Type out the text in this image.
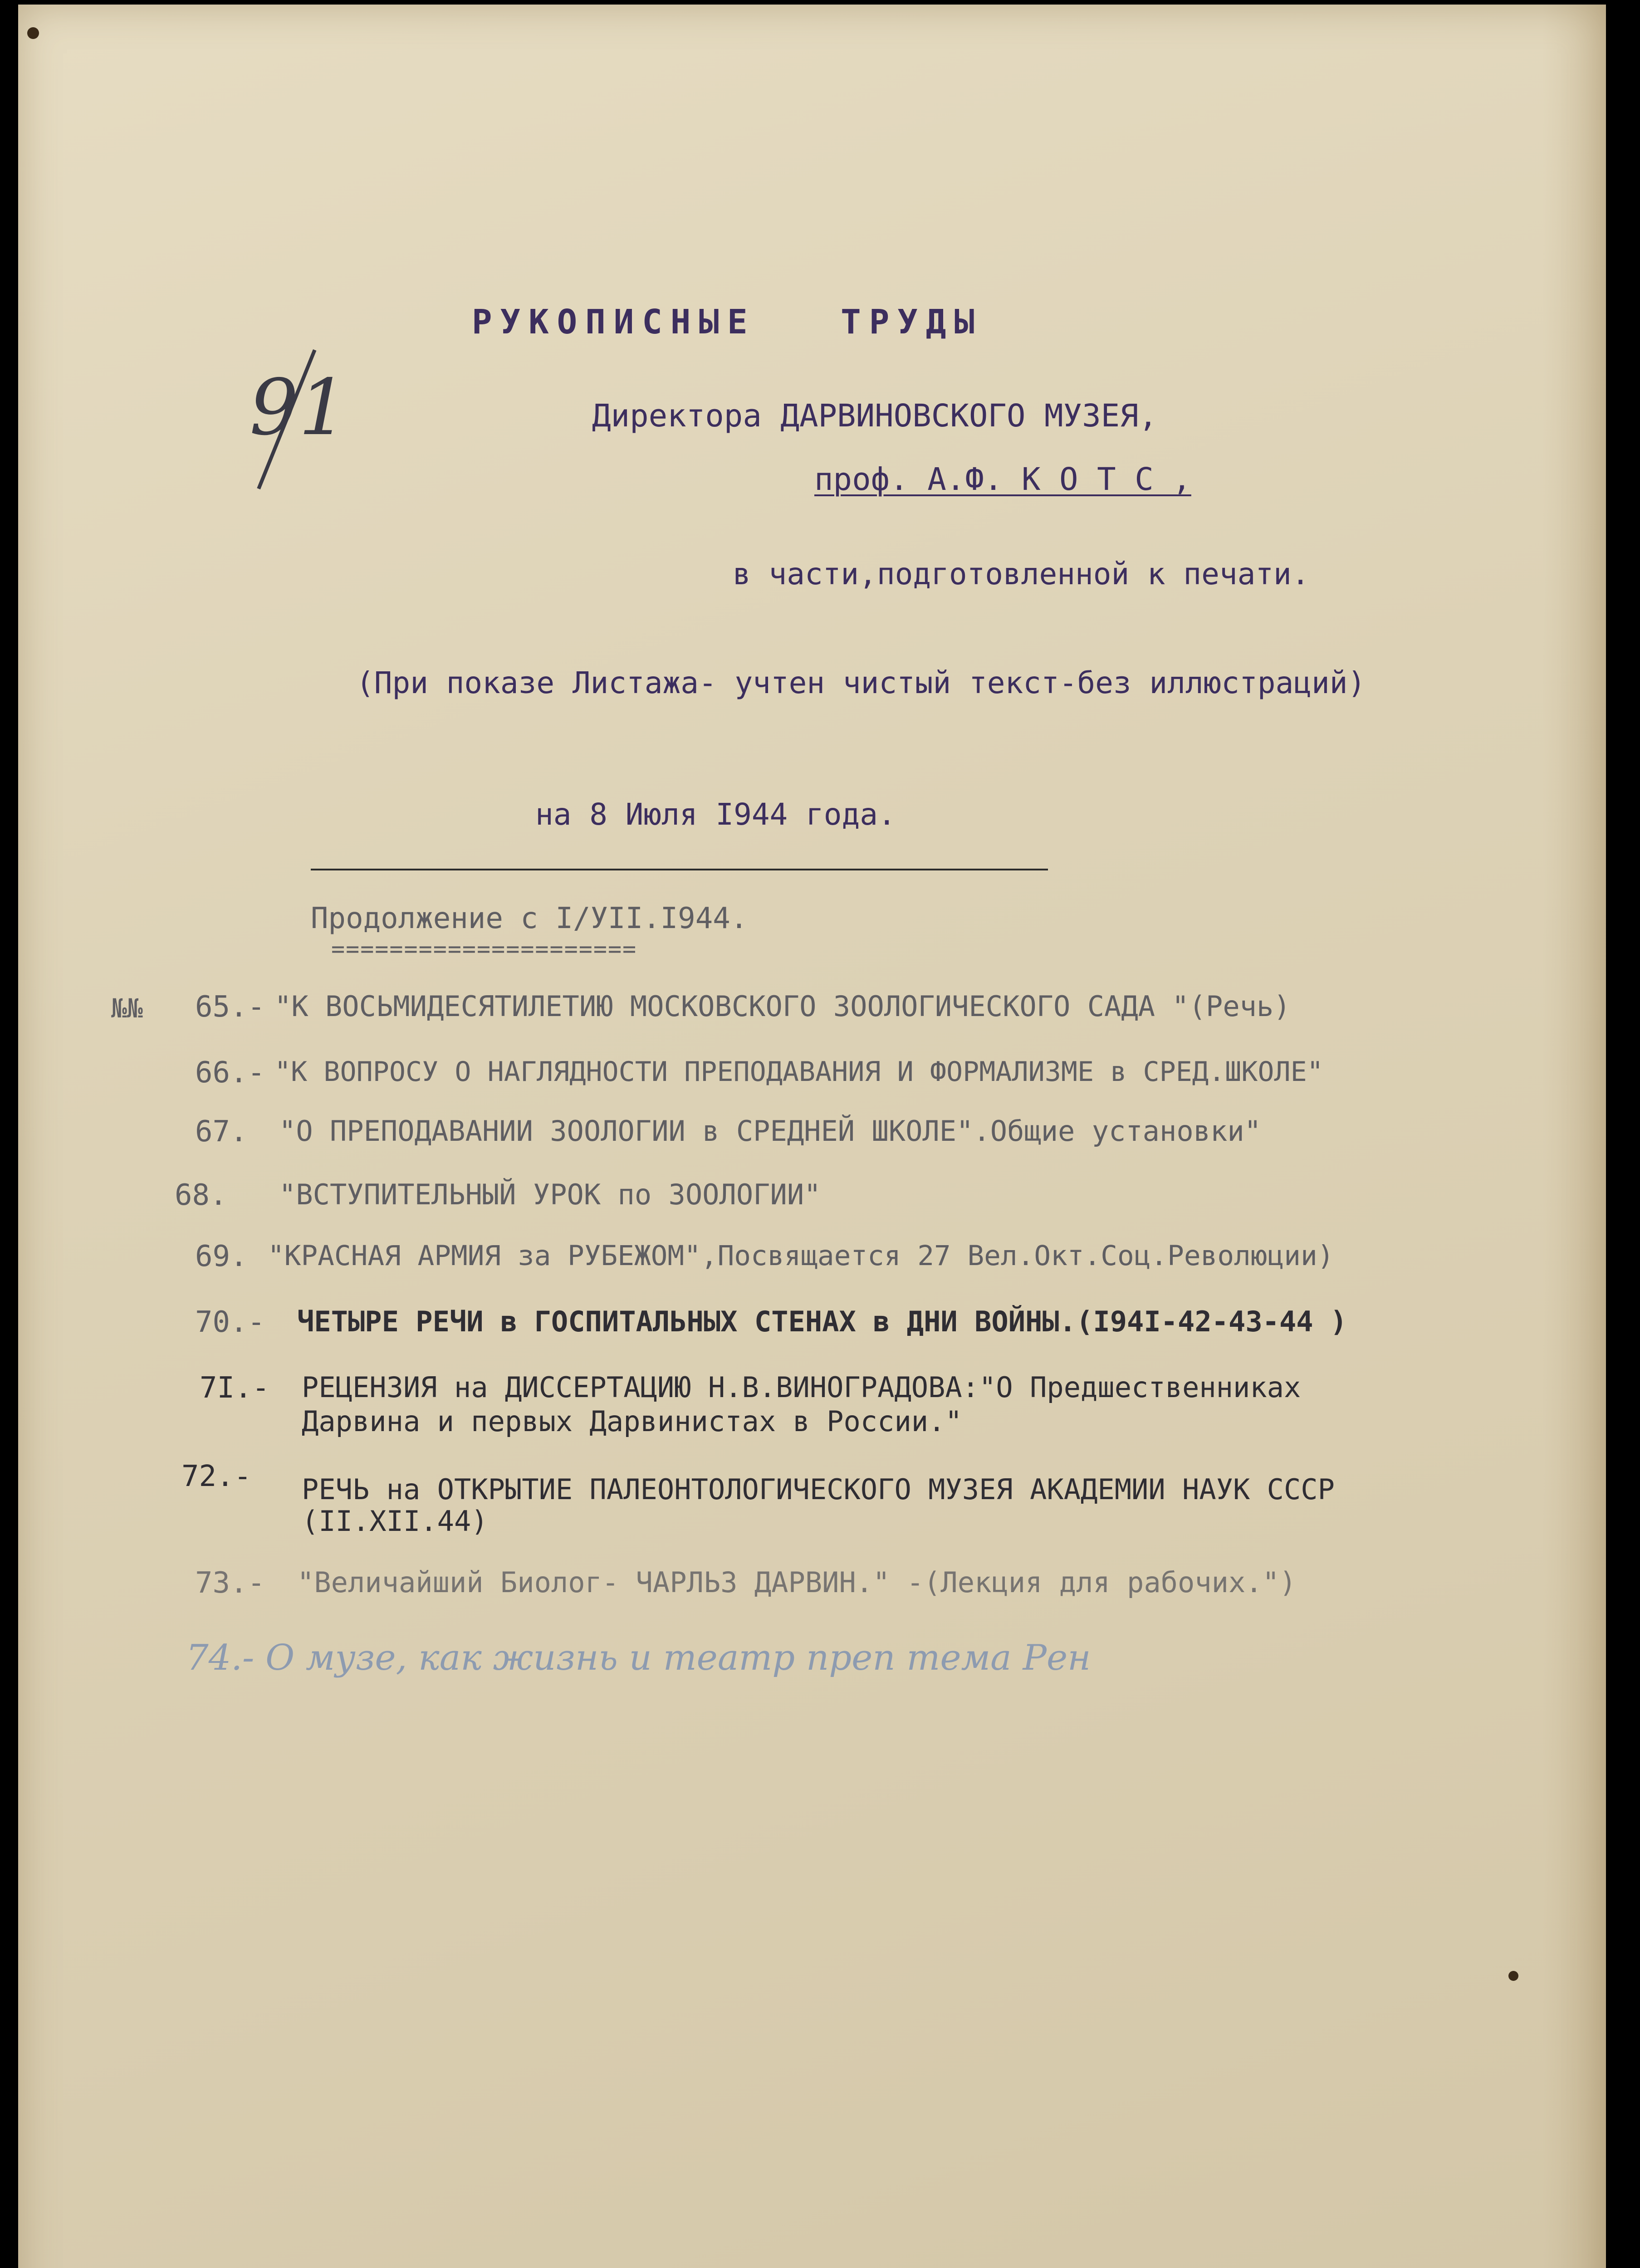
91

РУКОПИСНЫЕ   ТРУДЫ

Директора ДАРВИНОВСКОГО МУЗЕЯ,

проф. А.Ф. К О Т С ,

в части,подготовленной к печати.

(При показе Листажа- учтен чистый текст-без иллюстраций)

на 8 Июля I944 года.

Продолжение с I/УII.I944.

=====================

№№ 65.- "К ВОСЬМИДЕСЯТИЛЕТИЮ МОСКОВСКОГО ЗООЛОГИЧЕСКОГО САДА "(Речь)

66.- "К ВОПРОСУ О НАГЛЯДНОСТИ ПРЕПОДАВАНИЯ И ФОРМАЛИЗМЕ в СРЕД.ШКОЛЕ"

67. "О ПРЕПОДАВАНИИ ЗООЛОГИИ в СРЕДНЕЙ ШКОЛЕ".Общие установки"

68. "ВСТУПИТЕЛЬНЫЙ УРОК по ЗООЛОГИИ"

69. "КРАСНАЯ АРМИЯ за РУБЕЖОМ",Посвящается 27 Вел.Окт.Соц.Революции)

70.- ЧЕТЫРЕ РЕЧИ в ГОСПИТАЛЬНЫХ СТЕНАХ в ДНИ ВОЙНЫ.(I94I-42-43-44 )

7I.- РЕЦЕНЗИЯ на ДИССЕРТАЦИЮ Н.В.ВИНОГРАДОВА:"О Предшественниках

Дарвина и первых Дарвинистах в России."

72.- РЕЧЬ на ОТКРЫТИЕ ПАЛЕОНТОЛОГИЧЕСКОГО МУЗЕЯ АКАДЕМИИ НАУК СССР

(II.XII.44)

73.- "Величайший Биолог- ЧАРЛЬЗ ДАРВИН." -(Лекция для рабочих.")

74.- О музе, как жизнь и театр преп тема Рен
